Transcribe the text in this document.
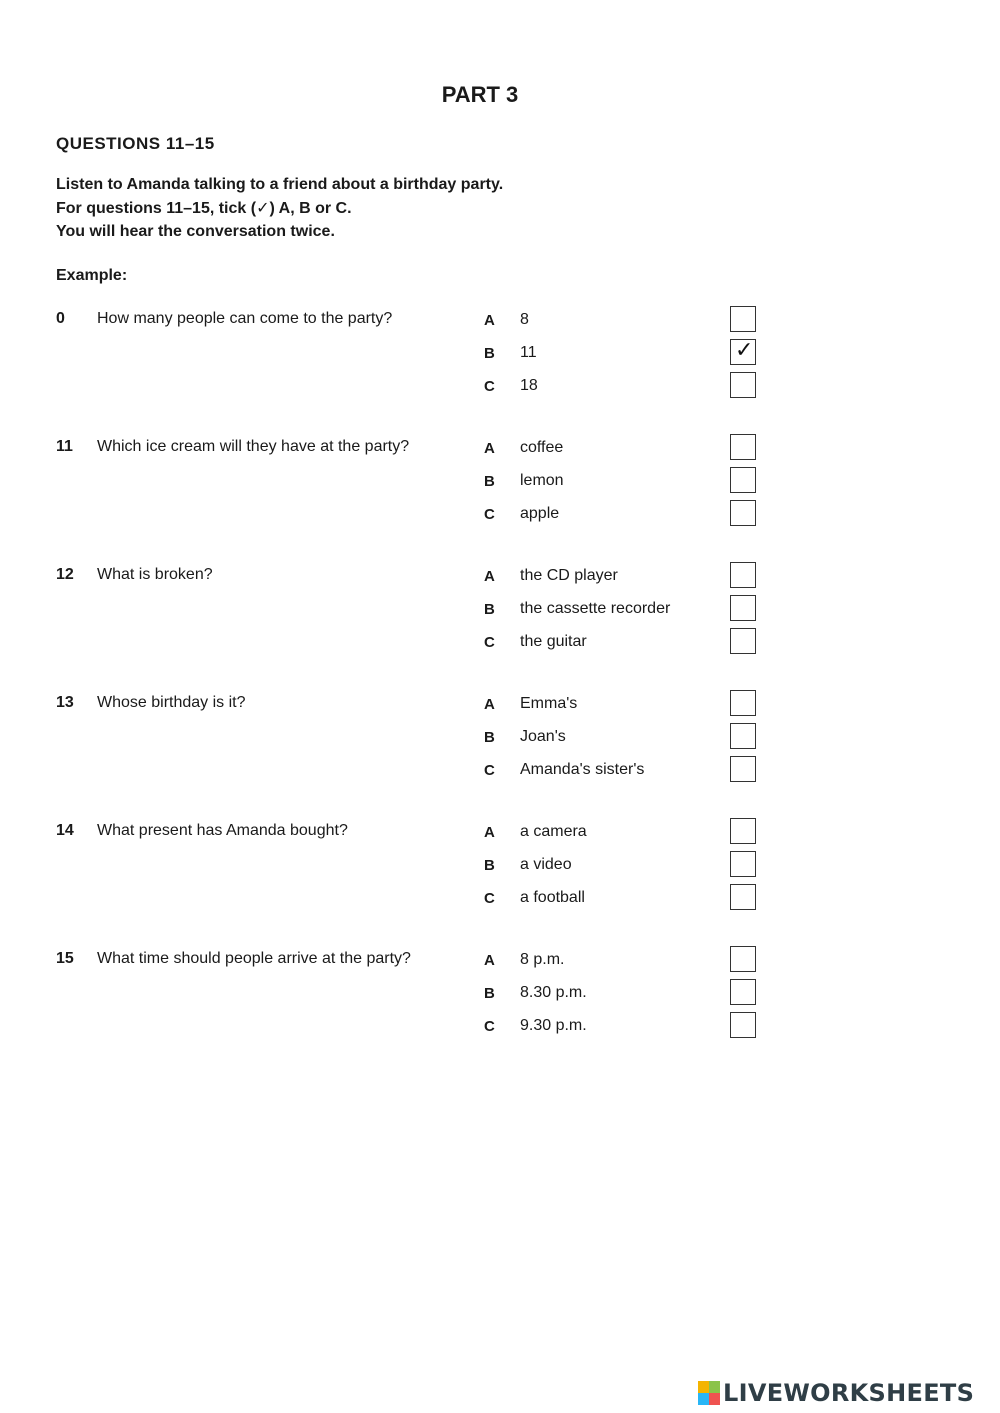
PART 3
QUESTIONS 11–15
Listen to Amanda talking to a friend about a birthday party.
For questions 11–15, tick (✓) A, B or C.
You will hear the conversation twice.
Example:
0 How many people can come to the party?	A 8
B 11
✓
C 18
11 Which ice cream will they have at the party?	A coffee
B lemon
C apple
12 What is broken?	A the CD player
B the cassette recorder
C the guitar
13 Whose birthday is it?	A Emma's
B Joan's
C Amanda's sister's
14 What present has Amanda bought?	A a camera
B a video
C a football
15 What time should people arrive at the party?	A 8 p.m.
B 8.30 p.m.
C 9.30 p.m.
LIVEWORKSHEETS
